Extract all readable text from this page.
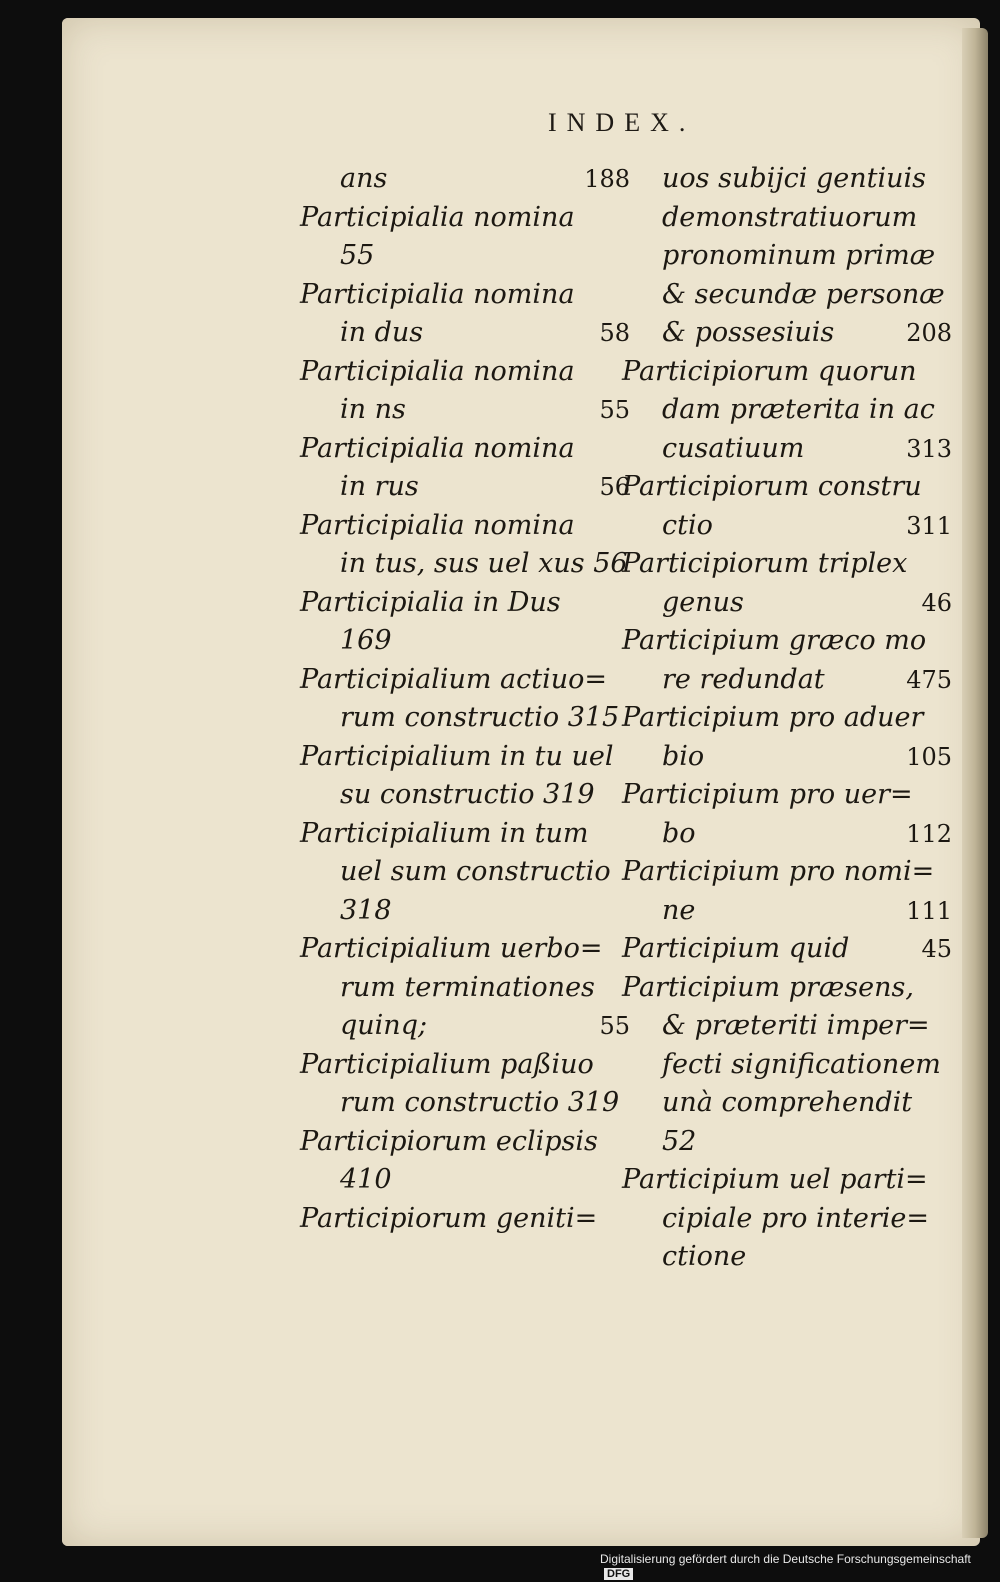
INDEX.
ans	188
Participialia nomina
55
Participialia nomina
in dus	58
Participialia nomina
in ns	55
Participialia nomina
in rus	56
Participialia nomina
in tus, sus uel xus 56
Participialia in Dus
169
Participialium actiuo=
rum constructio 315
Participialium in tu uel
su constructio 319
Participialium in tum
uel sum constructio
318
Participialium uerbo=
rum terminationes
quinq;	55
Participialium paßiuo
rum constructio 319
Participiorum eclipsis
410
Participiorum geniti=
uos subijci gentiuis
demonstratiuorum
pronominum primæ
& secundæ personæ
& possesiuis	208
Participiorum quorun
dam præterita in ac
cusatiuum	313
Participiorum constru
ctio	311
Participiorum triplex
genus	46
Participium græco mo
re redundat	475
Participium pro aduer
bio	105
Participium pro uer=
bo	112
Participium pro nomi=
ne	111
Participium quid	45
Participium præsens,
& præteriti imper=
fecti significationem
unà comprehendit
52
Participium uel parti=
cipiale pro interie=
ctione
Digitalisierung gefördert durch die Deutsche Forschungsgemeinschaft DFG
